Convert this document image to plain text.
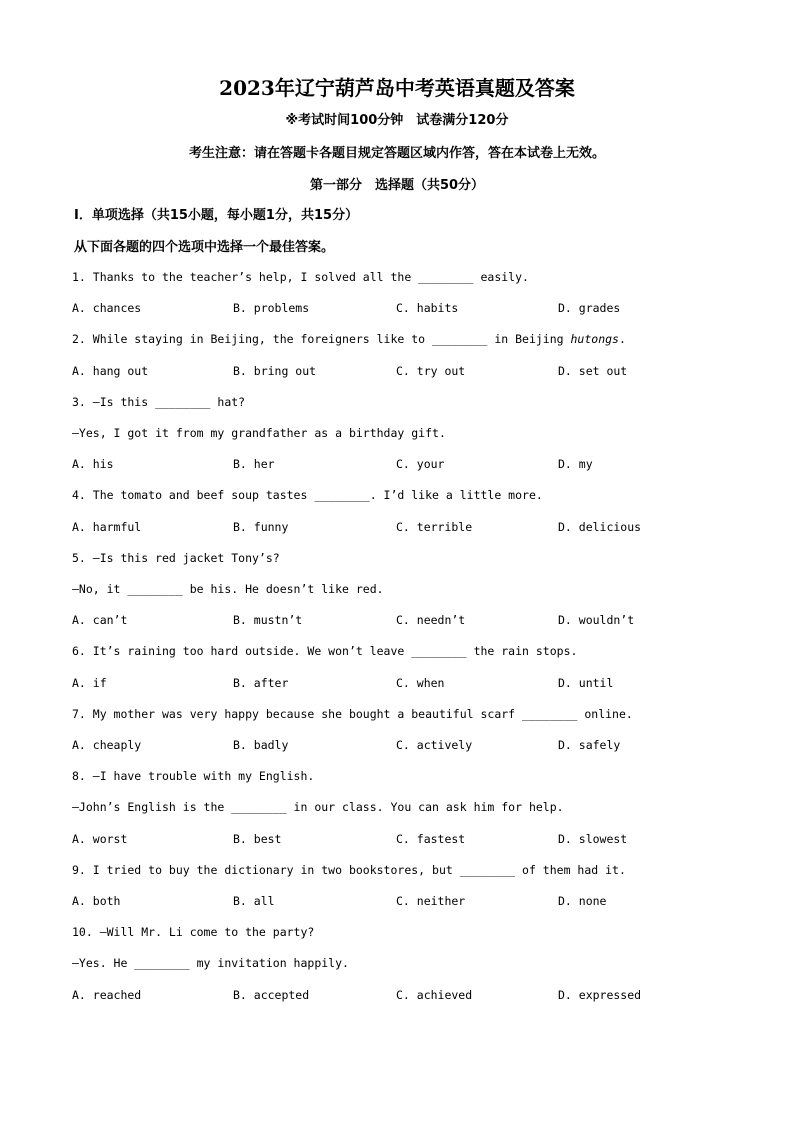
2023年辽宁葫芦岛中考英语真题及答案
※考试时间100分钟　试卷满分120分
考生注意：请在答题卡各题目规定答题区域内作答，答在本试卷上无效。
第一部分　选择题（共50分）
Ⅰ．单项选择（共15小题，每小题1分，共15分）
从下面各题的四个选项中选择一个最佳答案。
1. Thanks to the teacher’s help, I solved all the ________ easily.
A. chances	B. problems	C. habits	D. grades
2. While staying in Beijing, the foreigners like to ________ in Beijing hutongs.
A. hang out	B. bring out	C. try out	D. set out
3. —Is this ________ hat?
—Yes, I got it from my grandfather as a birthday gift.
A. his	B. her	C. your	D. my
4. The tomato and beef soup tastes ________. I’d like a little more.
A. harmful	B. funny	C. terrible	D. delicious
5. —Is this red jacket Tony’s?
—No, it ________ be his. He doesn’t like red.
A. can’t	B. mustn’t	C. needn’t	D. wouldn’t
6. It’s raining too hard outside. We won’t leave ________ the rain stops.
A. if	B. after	C. when	D. until
7. My mother was very happy because she bought a beautiful scarf ________ online.
A. cheaply	B. badly	C. actively	D. safely
8. —I have trouble with my English.
—John’s English is the ________ in our class. You can ask him for help.
A. worst	B. best	C. fastest	D. slowest
9. I tried to buy the dictionary in two bookstores, but ________ of them had it.
A. both	B. all	C. neither	D. none
10. —Will Mr. Li come to the party?
—Yes. He ________ my invitation happily.
A. reached	B. accepted	C. achieved	D. expressed
